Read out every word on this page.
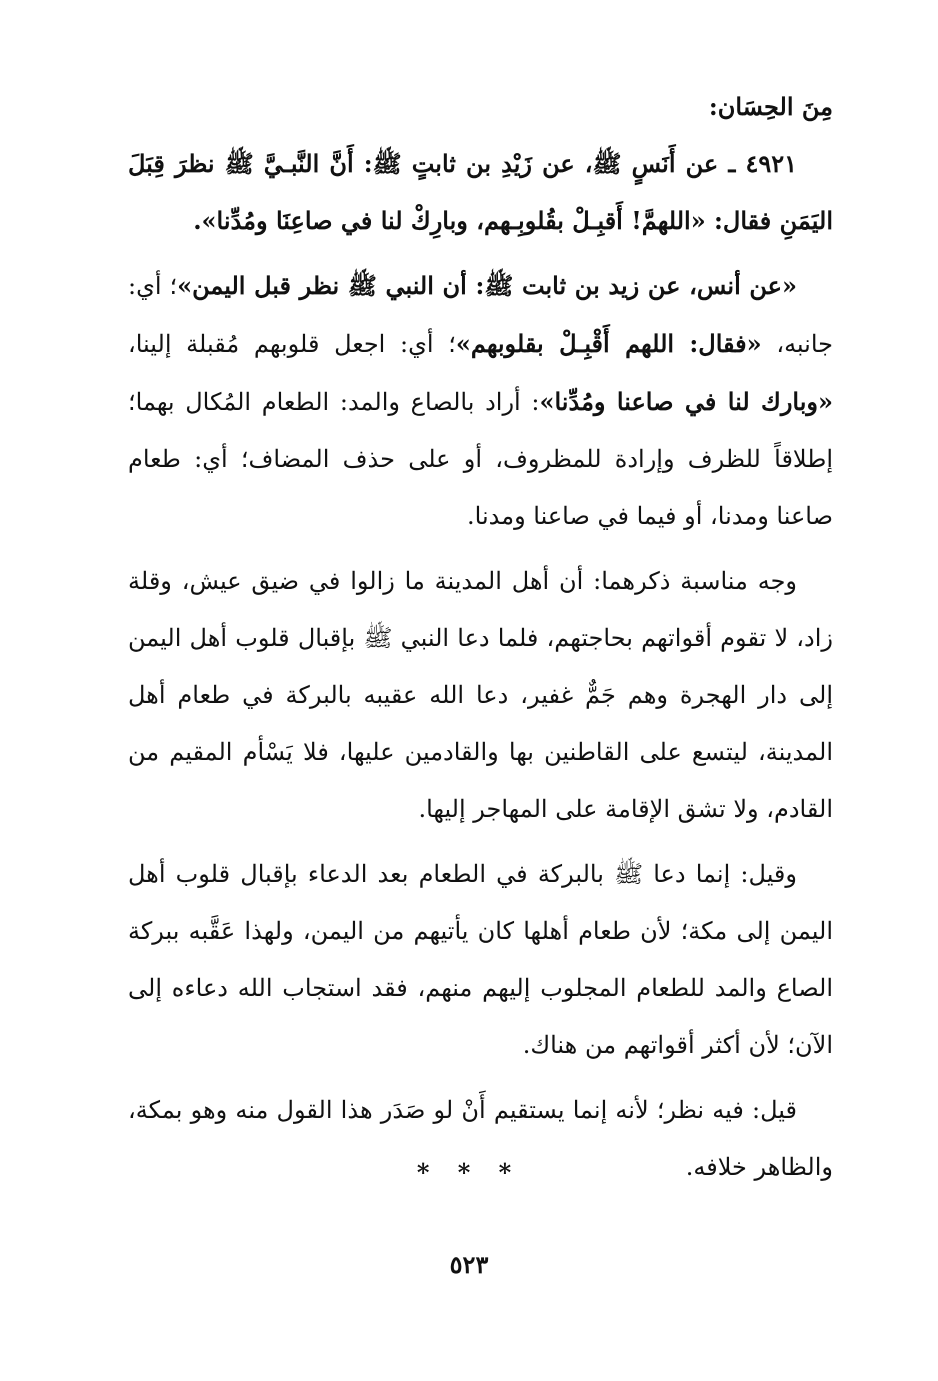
مِنَ الحِسَان:

٤٩٢١ ـ عن أَنَسٍ ﷺ، عن زَيْدِ بن ثابتٍ ﷺ: أَنَّ النَّبـيَّ ﷺ نظرَ قِبَلَ اليَمَنِ فقال: «اللهمَّ! أَقبِـلْ بقُلوبِـهم، وبارِكْ لنا في صاعِنَا ومُدِّنا».

«عن أنس، عن زيد بن ثابت ﷺ: أن النبي ﷺ نظر قبل اليمن»؛ أي: جانبه، «فقال: اللهم أَقْبِـلْ بقلوبهم»؛ أي: اجعل قلوبهم مُقبلة إلينا، «وبارك لنا في صاعنا ومُدِّنا»: أراد بالصاع والمد: الطعام المُكال بهما؛ إطلاقاً للظرف وإرادة للمظروف، أو على حذف المضاف؛ أي: طعام صاعنا ومدنا، أو فيما في صاعنا ومدنا.

وجه مناسبة ذكرهما: أن أهل المدينة ما زالوا في ضيق عيش، وقلة زاد، لا تقوم أقواتهم بحاجتهم، فلما دعا النبي ﷺ بإقبال قلوب أهل اليمن إلى دار الهجرة وهم جَمٌّ غفير، دعا الله عقيبه بالبركة في طعام أهل المدينة، ليتسع على القاطنين بها والقادمين عليها، فلا يَسْأم المقيم من القادم، ولا تشق الإقامة على المهاجر إليها.

وقيل: إنما دعا ﷺ بالبركة في الطعام بعد الدعاء بإقبال قلوب أهل اليمن إلى مكة؛ لأن طعام أهلها كان يأتيهم من اليمن، ولهذا عَقَّبه ببركة الصاع والمد للطعام المجلوب إليهم منهم، فقد استجاب الله دعاءه إلى الآن؛ لأن أكثر أقواتهم من هناك.

قيل: فيه نظر؛ لأنه إنما يستقيم أَنْ لو صَدَر هذا القول منه وهو بمكة، والظاهر خلافه.

* * *
٥٢٣
